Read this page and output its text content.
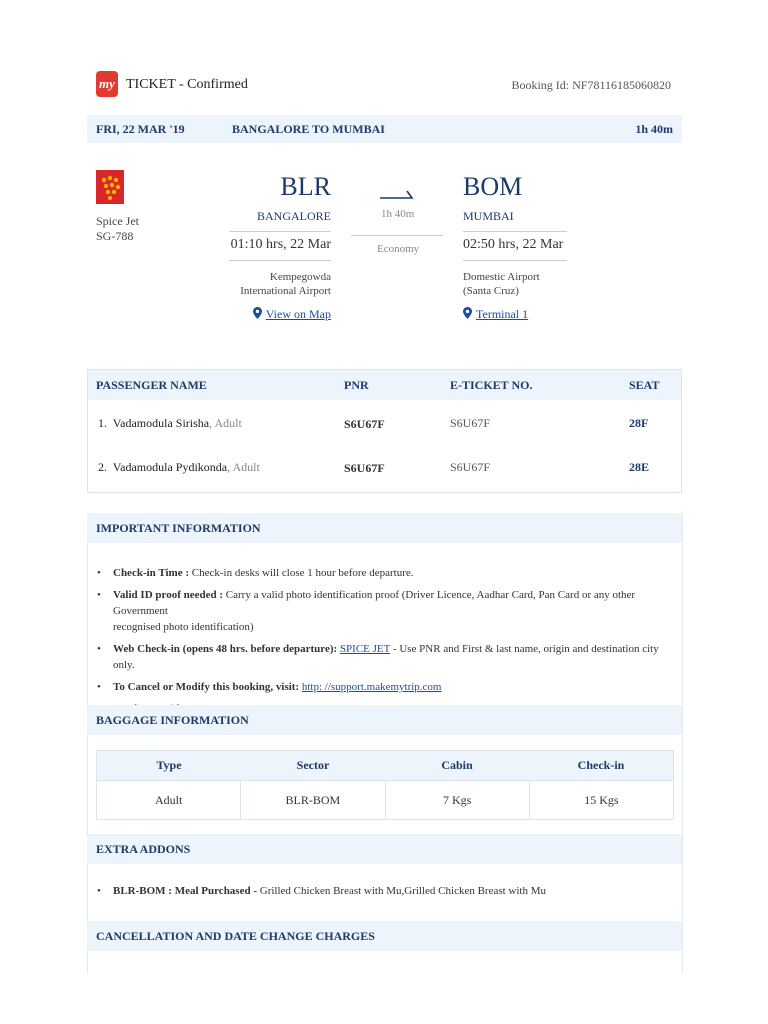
my TICKET - Confirmed	Booking Id: NF78116185060820
FRI, 22 MAR '19	BANGALORE TO MUMBAI	1h 40m
Spice Jet
SG-788
BLR
BANGALORE
01:10 hrs, 22 Mar
Kempegowda
International Airport
View on Map
1h 40m
Economy
BOM
MUMBAI
02:50 hrs, 22 Mar
Domestic Airport
(Santa Cruz)
Terminal 1
PASSENGER NAME	PNR	E-TICKET NO.	SEAT
1. Vadamodula Sirisha, Adult	S6U67F	S6U67F	28F
2. Vadamodula Pydikonda, Adult	S6U67F	S6U67F	28E
IMPORTANT INFORMATION
• Check-in Time : Check-in desks will close 1 hour before departure.
• Valid ID proof needed : Carry a valid photo identification proof (Driver Licence, Aadhar Card, Pan Card or any other Government
recognised photo identification)
• Web Check-in (opens 48 hrs. before departure): SPICE JET - Use PNR and First & last name, origin and destination city only.
• To Cancel or Modify this booking, visit: http: //support.makemytrip.com
BAGGAGE INFORMATION
Type	Sector	Cabin	Check-in
Adult	BLR-BOM	7 Kgs	15 Kgs
EXTRA ADDONS
• BLR-BOM : Meal Purchased - Grilled Chicken Breast with Mu,Grilled Chicken Breast with Mu
CANCELLATION AND DATE CHANGE CHARGES
